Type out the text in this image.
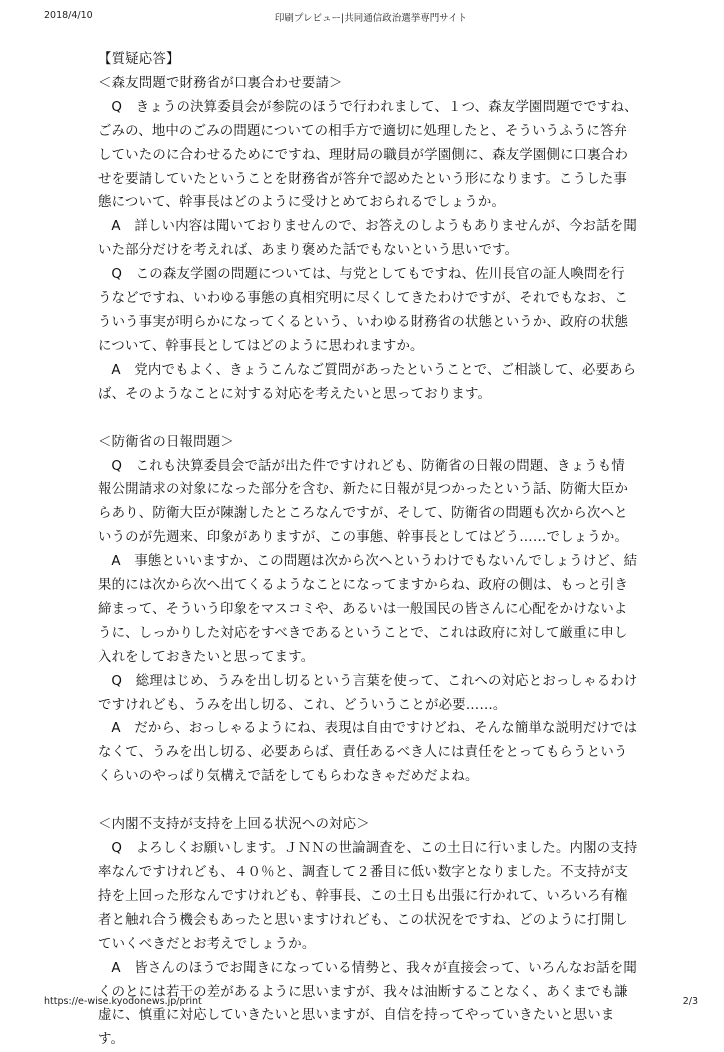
2018/4/10	印刷プレビュー|共同通信政治選挙専門サイト

【質疑応答】

＜森友問題で財務省が口裏合わせ要請＞

Q　きょうの決算委員会が参院のほうで行われまして、１つ、森友学園問題でですね、ごみの、地中のごみの問題についての相手方で適切に処理したと、そういうふうに答弁していたのに合わせるためにですね、理財局の職員が学園側に、森友学園側に口裏合わせを要請していたということを財務省が答弁で認めたという形になります。こうした事態について、幹事長はどのように受けとめておられるでしょうか。

A　詳しい内容は聞いておりませんので、お答えのしようもありませんが、今お話を聞いた部分だけを考えれば、あまり褒めた話でもないという思いです。

Q　この森友学園の問題については、与党としてもですね、佐川長官の証人喚問を行うなどですね、いわゆる事態の真相究明に尽くしてきたわけですが、それでもなお、こういう事実が明らかになってくるという、いわゆる財務省の状態というか、政府の状態について、幹事長としてはどのように思われますか。

A　党内でもよく、きょうこんなご質問があったということで、ご相談して、必要あらば、そのようなことに対する対応を考えたいと思っております。

＜防衛省の日報問題＞

Q　これも決算委員会で話が出た件ですけれども、防衛省の日報の問題、きょうも情報公開請求の対象になった部分を含む、新たに日報が見つかったという話、防衛大臣からあり、防衛大臣が陳謝したところなんですが、そして、防衛省の問題も次から次へというのが先週来、印象がありますが、この事態、幹事長としてはどう……でしょうか。

A　事態といいますか、この問題は次から次へというわけでもないんでしょうけど、結果的には次から次へ出てくるようなことになってますからね、政府の側は、もっと引き締まって、そういう印象をマスコミや、あるいは一般国民の皆さんに心配をかけないように、しっかりした対応をすべきであるということで、これは政府に対して厳重に申し入れをしておきたいと思ってます。

Q　総理はじめ、うみを出し切るという言葉を使って、これへの対応とおっしゃるわけですけれども、うみを出し切る、これ、どういうことが必要……。

A　だから、おっしゃるようにね、表現は自由ですけどね、そんな簡単な説明だけではなくて、うみを出し切る、必要あらば、責任あるべき人には責任をとってもらうというくらいのやっぱり気構えで話をしてもらわなきゃだめだよね。

＜内閣不支持が支持を上回る状況への対応＞

Q　よろしくお願いします。ＪＮＮの世論調査を、この土日に行いました。内閣の支持率なんですけれども、４０％と、調査して２番目に低い数字となりました。不支持が支持を上回った形なんですけれども、幹事長、この土日も出張に行かれて、いろいろ有権者と触れ合う機会もあったと思いますけれども、この状況をですね、どのように打開していくべきだとお考えでしょうか。

A　皆さんのほうでお聞きになっている情勢と、我々が直接会って、いろんなお話を聞くのとには若干の差があるように思いますが、我々は油断することなく、あくまでも謙虚に、慎重に対応していきたいと思いますが、自信を持ってやっていきたいと思います。

https://e-wise.kyodonews.jp/print	2/3
